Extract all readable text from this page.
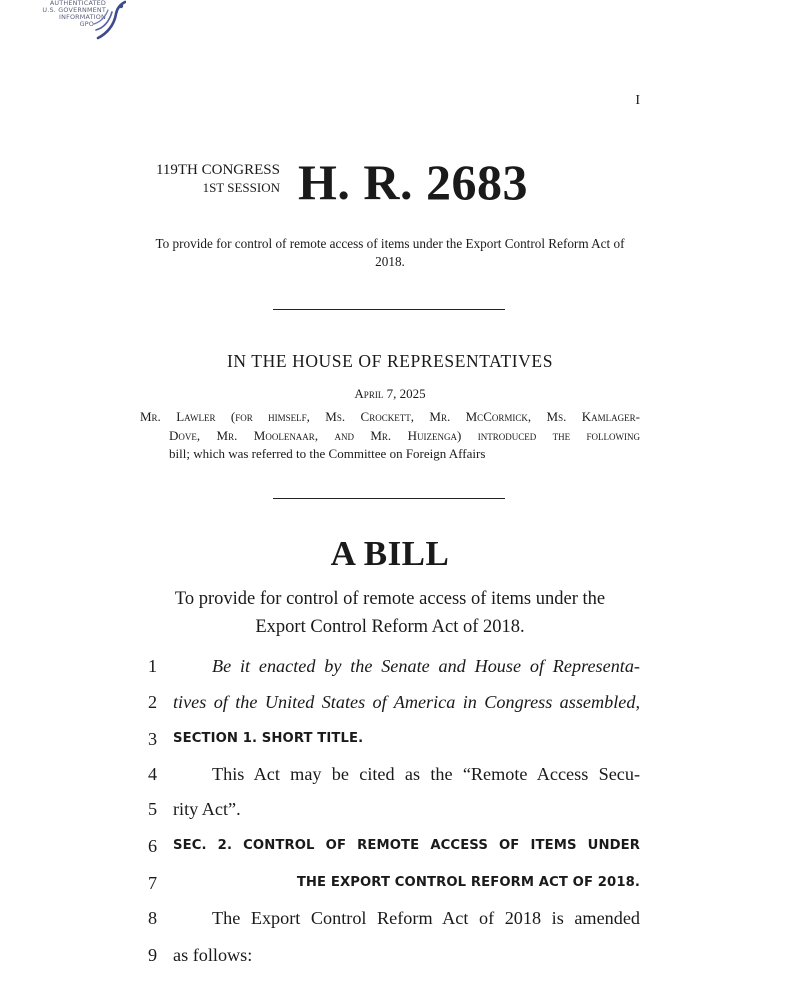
AUTHENTICATED
U.S. GOVERNMENT
INFORMATION
GPO
I
119TH CONGRESS
1ST SESSION H. R. 2683
To provide for control of remote access of items under the Export Control Reform Act of 2018.
IN THE HOUSE OF REPRESENTATIVES
April 7, 2025
Mr. Lawler (for himself, Ms. Crockett, Mr. McCormick, Ms. Kamlager-
Dove, Mr. Moolenaar, and Mr. Huizenga) introduced the following
bill; which was referred to the Committee on Foreign Affairs
A BILL
To provide for control of remote access of items under the
Export Control Reform Act of 2018.
1	Be it enacted by the Senate and House of Representa-
2 tives of the United States of America in Congress assembled,
3	SECTION 1. SHORT TITLE.
4	This Act may be cited as the “Remote Access Secu-
5 rity Act”.
6	SEC. 2. CONTROL OF REMOTE ACCESS OF ITEMS UNDER
7	THE EXPORT CONTROL REFORM ACT OF 2018.
8	The Export Control Reform Act of 2018 is amended
9 as follows:
